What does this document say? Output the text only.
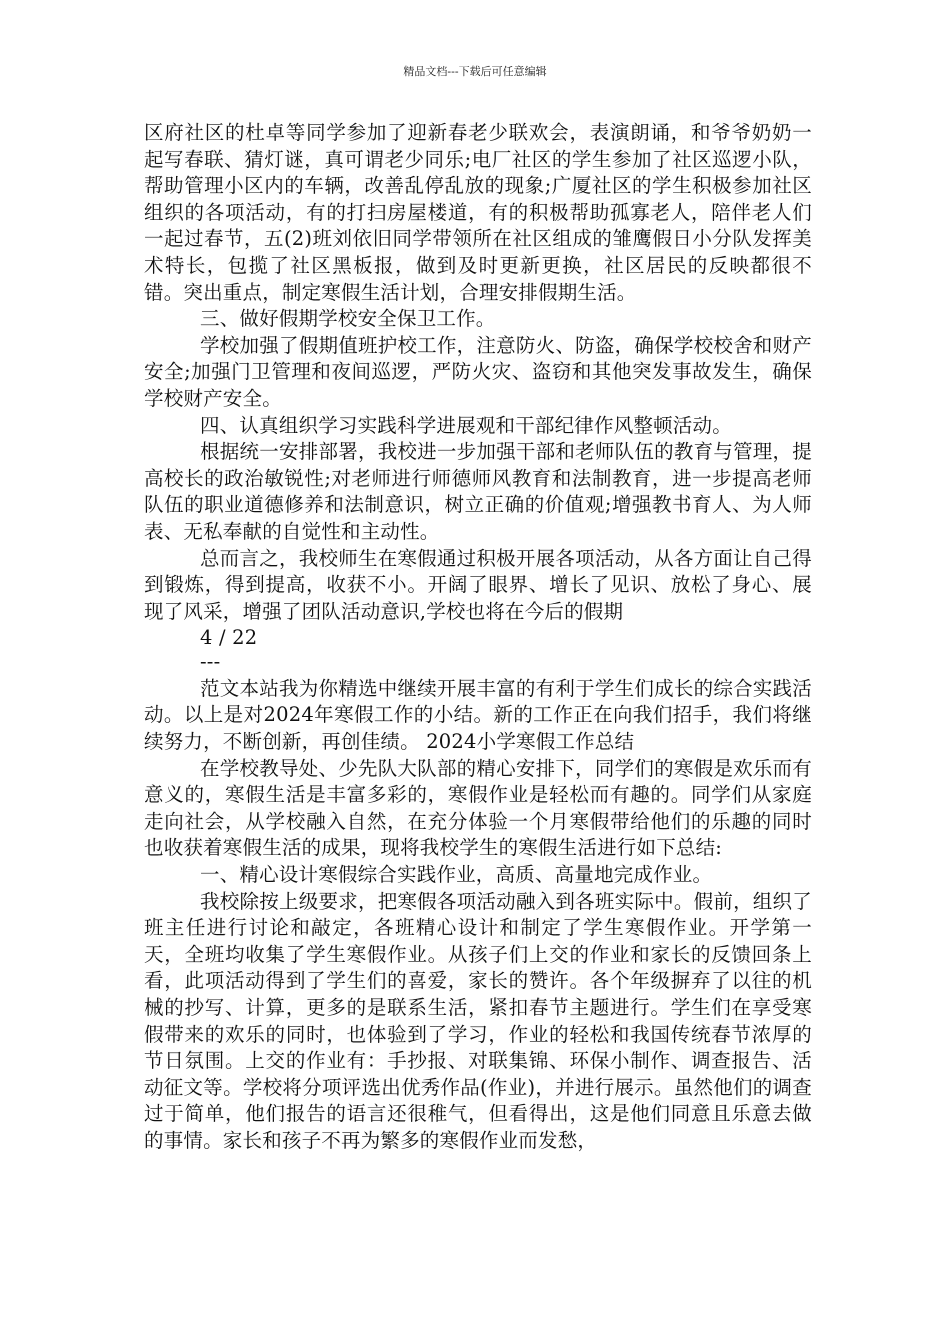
精品文档---下载后可任意编辑

区府社区的杜卓等同学参加了迎新春老少联欢会，表演朗诵，和爷爷奶奶一起写春联、猜灯谜，真可谓老少同乐;电厂社区的学生参加了社区巡逻小队，帮助管理小区内的车辆，改善乱停乱放的现象;广厦社区的学生积极参加社区组织的各项活动，有的打扫房屋楼道，有的积极帮助孤寡老人，陪伴老人们一起过春节，五(2)班刘依旧同学带领所在社区组成的雏鹰假日小分队发挥美术特长，包揽了社区黑板报，做到及时更新更换，社区居民的反映都很不错。突出重点，制定寒假生活计划，合理安排假期生活。

三、做好假期学校安全保卫工作。

学校加强了假期值班护校工作，注意防火、防盗，确保学校校舍和财产安全;加强门卫管理和夜间巡逻，严防火灾、盗窃和其他突发事故发生，确保学校财产安全。

四、认真组织学习实践科学进展观和干部纪律作风整顿活动。

根据统一安排部署，我校进一步加强干部和老师队伍的教育与管理，提高校长的政治敏锐性;对老师进行师德师风教育和法制教育，进一步提高老师队伍的职业道德修养和法制意识，树立正确的价值观;增强教书育人、为人师表、无私奉献的自觉性和主动性。

总而言之，我校师生在寒假通过积极开展各项活动，从各方面让自己得到锻炼，得到提高，收获不小。开阔了眼界、增长了见识、放松了身心、展现了风采，增强了团队活动意识,学校也将在今后的假期

4 / 22

---

范文本站我为你精选中继续开展丰富的有利于学生们成长的综合实践活动。以上是对2024年寒假工作的小结。新的工作正在向我们招手，我们将继续努力，不断创新，再创佳绩。 2024小学寒假工作总结

在学校教导处、少先队大队部的精心安排下，同学们的寒假是欢乐而有意义的，寒假生活是丰富多彩的，寒假作业是轻松而有趣的。同学们从家庭走向社会，从学校融入自然，在充分体验一个月寒假带给他们的乐趣的同时也收获着寒假生活的成果，现将我校学生的寒假生活进行如下总结:

一、精心设计寒假综合实践作业，高质、高量地完成作业。

我校除按上级要求，把寒假各项活动融入到各班实际中。假前，组织了班主任进行讨论和敲定，各班精心设计和制定了学生寒假作业。开学第一天，全班均收集了学生寒假作业。从孩子们上交的作业和家长的反馈回条上看，此项活动得到了学生们的喜爱，家长的赞许。各个年级摒弃了以往的机械的抄写、计算，更多的是联系生活，紧扣春节主题进行。学生们在享受寒假带来的欢乐的同时，也体验到了学习，作业的轻松和我国传统春节浓厚的节日氛围。上交的作业有：手抄报、对联集锦、环保小制作、调查报告、活动征文等。学校将分项评选出优秀作品(作业)，并进行展示。虽然他们的调查过于简单，他们报告的语言还很稚气，但看得出，这是他们同意且乐意去做的事情。家长和孩子不再为繁多的寒假作业而发愁，
